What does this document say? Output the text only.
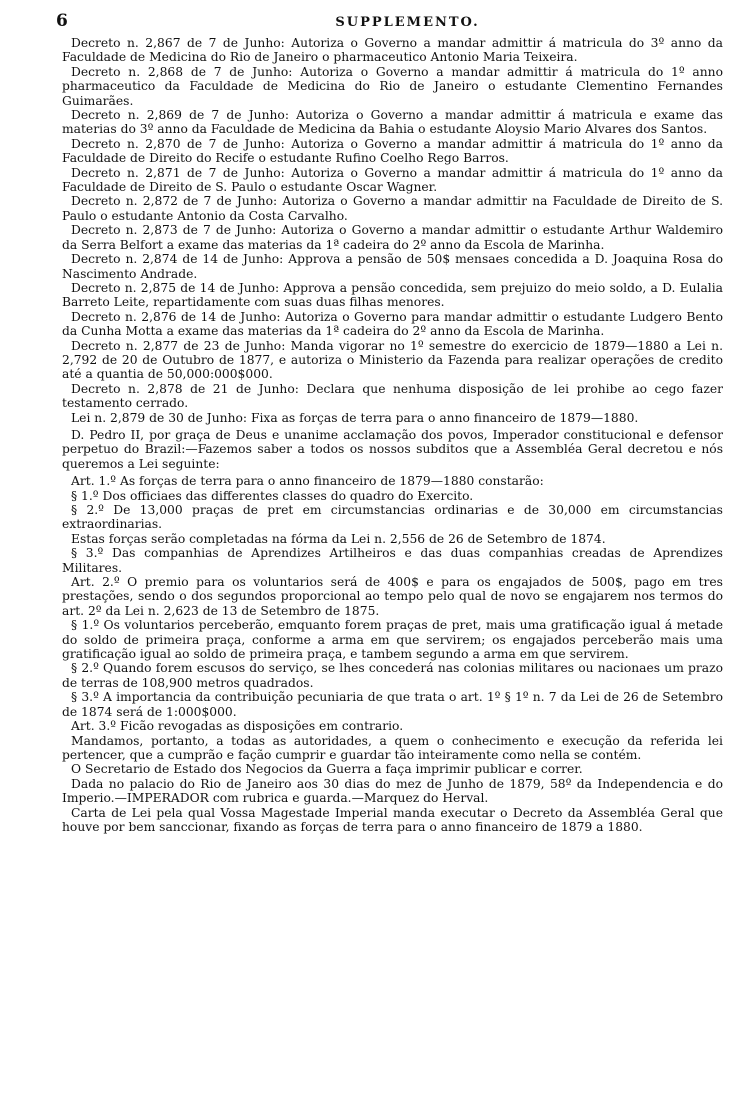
6	SUPPLEMENTO.

Decreto n. 2,867 de 7 de Junho: Autoriza o Governo a mandar admittir á matricula do 3º anno da Faculdade de Medicina do Rio de Janeiro o pharmaceutico Antonio Maria Teixeira.

Decreto n. 2,868 de 7 de Junho: Autoriza o Governo a mandar admittir á matricula do 1º anno pharmaceutico da Faculdade de Medicina do Rio de Janeiro o estudante Clementino Fernandes Guimarães.

Decreto n. 2,869 de 7 de Junho: Autoriza o Governo a mandar admittir á matricula e exame das materias do 3º anno da Faculdade de Medicina da Bahia o estudante Aloysio Mario Alvares dos Santos.

Decreto n. 2,870 de 7 de Junho: Autoriza o Governo a mandar admittir á matricula do 1º anno da Faculdade de Direito do Recife o estudante Rufino Coelho Rego Barros.

Decreto n. 2,871 de 7 de Junho: Autoriza o Governo a mandar admittir á matricula do 1º anno da Faculdade de Direito de S. Paulo o estudante Oscar Wagner.

Decreto n. 2,872 de 7 de Junho: Autoriza o Governo a mandar admittir na Faculdade de Direito de S. Paulo o estudante Antonio da Costa Carvalho.

Decreto n. 2,873 de 7 de Junho: Autoriza o Governo a mandar admittir o estudante Arthur Waldemiro da Serra Belfort a exame das materias da 1ª cadeira do 2º anno da Escola de Marinha.

Decreto n. 2,874 de 14 de Junho: Approva a pensão de 50$ mensaes concedida a D. Joaquina Rosa do Nascimento Andrade.

Decreto n. 2,875 de 14 de Junho: Approva a pensão concedida, sem prejuizo do meio soldo, a D. Eulalia Barreto Leite, repartidamente com suas duas filhas menores.

Decreto n. 2,876 de 14 de Junho: Autoriza o Governo para mandar admittir o estudante Ludgero Bento da Cunha Motta a exame das materias da 1ª cadeira do 2º anno da Escola de Marinha.

Decreto n. 2,877 de 23 de Junho: Manda vigorar no 1º semestre do exercicio de 1879—1880 a Lei n. 2,792 de 20 de Outubro de 1877, e autoriza o Ministerio da Fazenda para realizar operações de credito até a quantia de 50,000:000$000.

Decreto n. 2,878 de 21 de Junho: Declara que nenhuma disposição de lei prohibe ao cego fazer testamento cerrado.

Lei n. 2,879 de 30 de Junho: Fixa as forças de terra para o anno financeiro de 1879—1880.

D. Pedro II, por graça de Deus e unanime acclamação dos povos, Imperador constitucional e defensor perpetuo do Brazil:—Fazemos saber a todos os nossos subditos que a Assembléa Geral decretou e nós queremos a Lei seguinte:

Art. 1.º As forças de terra para o anno financeiro de 1879—1880 constarão:

§ 1.º Dos officiaes das differentes classes do quadro do Exercito.

§ 2.º De 13,000 praças de pret em circumstancias ordinarias e de 30,000 em circumstancias extraordinarias.

Estas forças serão completadas na fórma da Lei n. 2,556 de 26 de Setembro de 1874.

§ 3.º Das companhias de Aprendizes Artilheiros e das duas companhias creadas de Aprendizes Militares.

Art. 2.º O premio para os voluntarios será de 400$ e para os engajados de 500$, pago em tres prestações, sendo o dos segundos proporcional ao tempo pelo qual de novo se engajarem nos termos do art. 2º da Lei n. 2,623 de 13 de Setembro de 1875.

§ 1.º Os voluntarios perceberão, emquanto forem praças de pret, mais uma gratificação igual á metade do soldo de primeira praça, conforme a arma em que servirem; os engajados perceberão mais uma gratificação igual ao soldo de primeira praça, e tambem segundo a arma em que servirem.

§ 2.º Quando forem escusos do serviço, se lhes concederá nas colonias militares ou nacionaes um prazo de terras de 108,900 metros quadrados.

§ 3.º A importancia da contribuição pecuniaria de que trata o art. 1º § 1º n. 7 da Lei de 26 de Setembro de 1874 será de 1:000$000.

Art. 3.º Ficão revogadas as disposições em contrario.

Mandamos, portanto, a todas as autoridades, a quem o conhecimento e execução da referida lei pertencer, que a cumprão e fação cumprir e guardar tão inteiramente como nella se contém.

O Secretario de Estado dos Negocios da Guerra a faça imprimir publicar e correr.

Dada no palacio do Rio de Janeiro aos 30 dias do mez de Junho de 1879, 58º da Independencia e do Imperio.—IMPERADOR com rubrica e guarda.—Marquez do Herval.

Carta de Lei pela qual Vossa Magestade Imperial manda executar o Decreto da Assembléa Geral que houve por bem sanccionar, fixando as forças de terra para o anno financeiro de 1879 a 1880.
